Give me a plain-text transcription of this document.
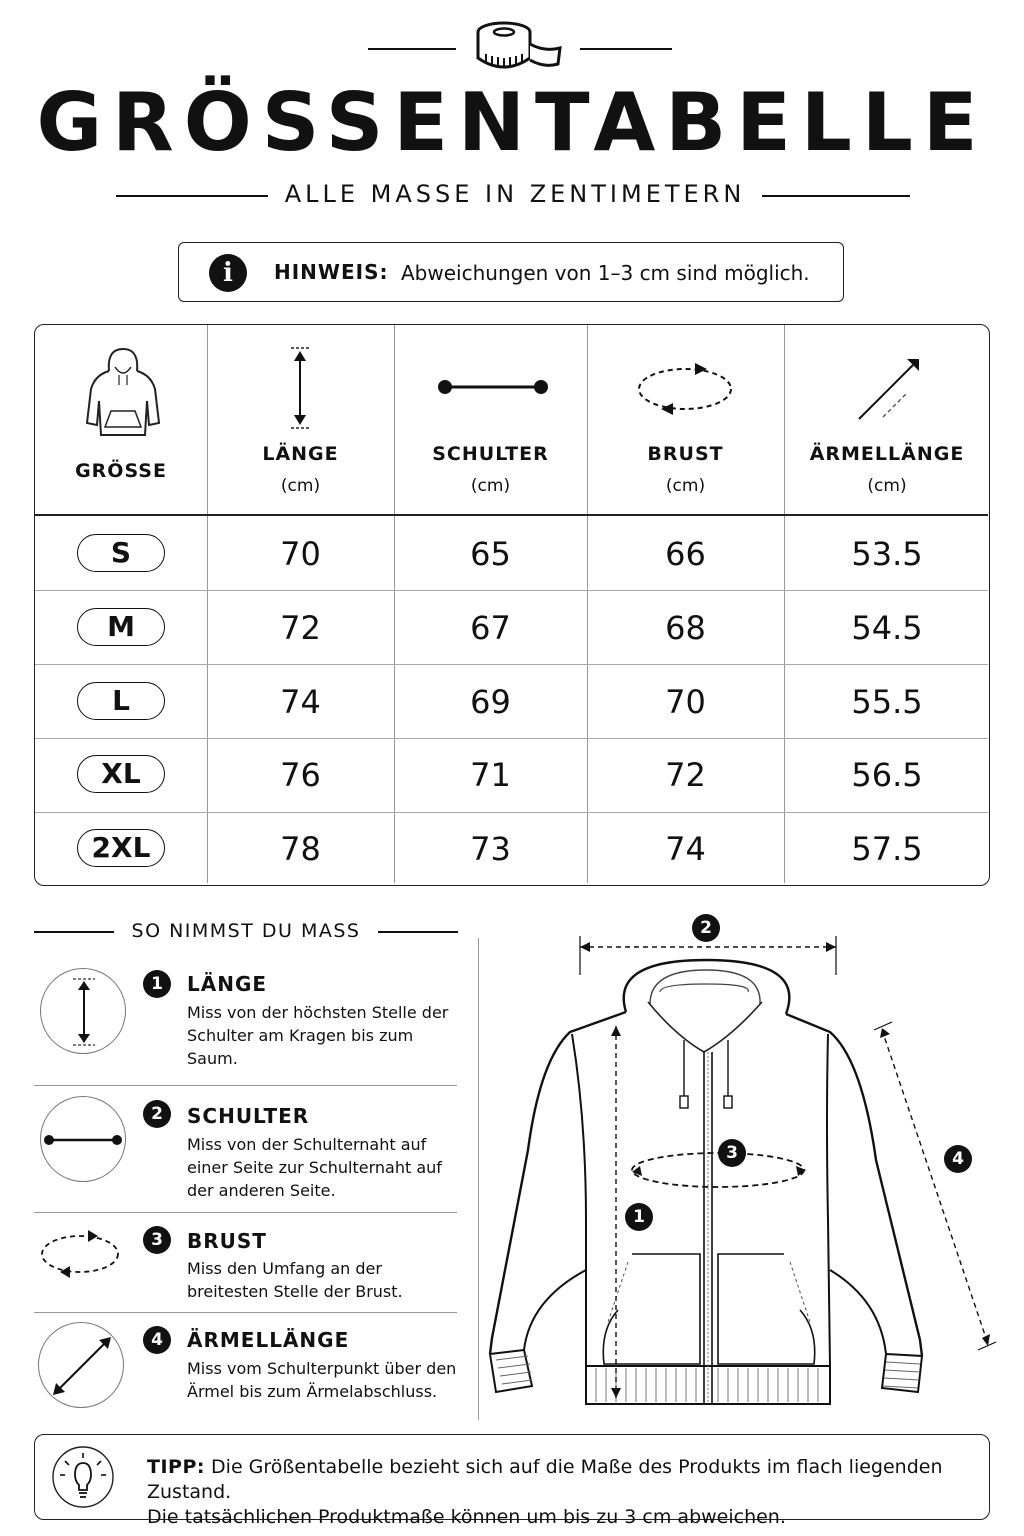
GRÖSSENTABELLE
ALLE MASSE IN ZENTIMETERN
i	HINWEIS: Abweichungen von 1–3 cm sind möglich.
GRÖSSE
LÄNGE
(cm)
SCHULTER
(cm)
BRUST
(cm)
ÄRMELLÄNGE
(cm)
S	70	65	66	53.5
M	72	67	68	54.5
L	74	69	70	55.5
XL	76	71	72	56.5
2XL	78	73	74	57.5
SO NIMMST DU MASS
1	LÄNGE
Miss von der höchsten Stelle der Schulter am Kragen bis zum Saum.
2	SCHULTER
Miss von der Schulternaht auf einer Seite zur Schulternaht auf der anderen Seite.
3	BRUST
Miss den Umfang an der breitesten Stelle der Brust.
4	ÄRMELLÄNGE
Miss vom Schulterpunkt über den Ärmel bis zum Ärmelabschluss.
2
1
3	4
TIPP: Die Größentabelle bezieht sich auf die Maße des Produkts im flach liegenden Zustand.
Die tatsächlichen Produktmaße können um bis zu 3 cm abweichen.
